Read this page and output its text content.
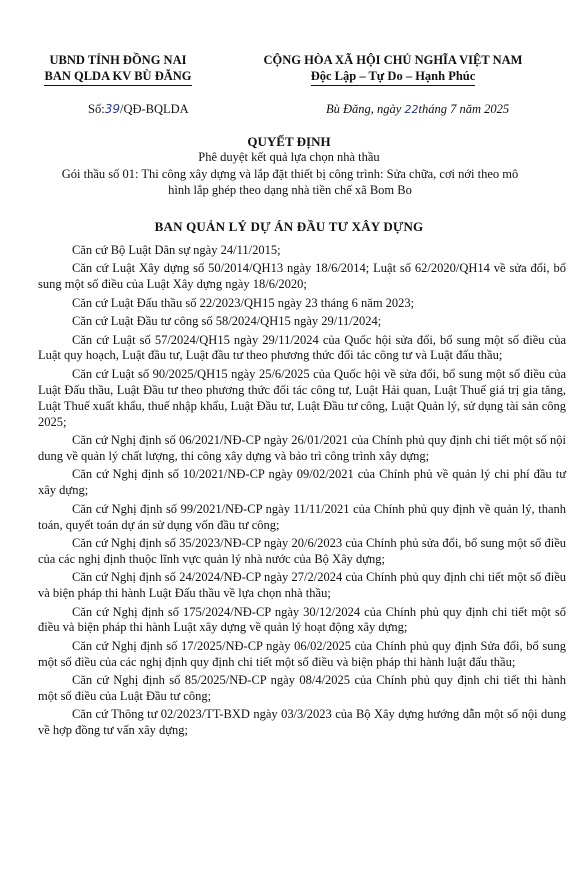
UBND TỈNH ĐỒNG NAI
BAN QLDA KV BÙ ĐĂNG
CỘNG HÒA XÃ HỘI CHỦ NGHĨA VIỆT NAM
Độc Lập – Tự Do – Hạnh Phúc
Số:39/QĐ-BQLDA	Bù Đăng, ngày 22tháng 7 năm 2025
QUYẾT ĐỊNH
Phê duyệt kết quả lựa chọn nhà thầu
Gói thầu số 01: Thi công xây dựng và lắp đặt thiết bị công trình: Sửa chữa, cơi nới theo mô hình lắp ghép theo dạng nhà tiền chế xã Bom Bo
BAN QUẢN LÝ DỰ ÁN ĐẦU TƯ XÂY DỰNG

Căn cứ Bộ Luật Dân sự ngày 24/11/2015;

Căn cứ Luật Xây dựng số 50/2014/QH13 ngày 18/6/2014; Luật số 62/2020/QH14 về sửa đổi, bổ sung một số điều của Luật Xây dựng ngày 18/6/2020;

Căn cứ Luật Đấu thầu số 22/2023/QH15 ngày 23 tháng 6 năm 2023;

Căn cứ Luật Đầu tư công số 58/2024/QH15 ngày 29/11/2024;

Căn cứ Luật số 57/2024/QH15 ngày 29/11/2024 của Quốc hội sửa đổi, bổ sung một số điều của Luật quy hoạch, Luật đầu tư, Luật đầu tư theo phương thức đối tác công tư và Luật đấu thầu;

Căn cứ Luật số 90/2025/QH15 ngày 25/6/2025 của Quốc hội về sửa đổi, bổ sung một số điều của Luật Đấu thầu, Luật Đầu tư theo phương thức đối tác công tư, Luật Hải quan, Luật Thuế giá trị gia tăng, Luật Thuế xuất khẩu, thuế nhập khẩu, Luật Đầu tư, Luật Đầu tư công, Luật Quản lý, sử dụng tài sản công 2025;

Căn cứ Nghị định số 06/2021/NĐ-CP ngày 26/01/2021 của Chính phủ quy định chi tiết một số nội dung về quản lý chất lượng, thi công xây dựng và bảo trì công trình xây dựng;

Căn cứ Nghị định số 10/2021/NĐ-CP ngày 09/02/2021 của Chính phủ về quản lý chi phí đầu tư xây dựng;

Căn cứ Nghị định số 99/2021/NĐ-CP ngày 11/11/2021 của Chính phủ quy định về quản lý, thanh toán, quyết toán dự án sử dụng vốn đầu tư công;

Căn cứ Nghị định số 35/2023/NĐ-CP ngày 20/6/2023 của Chính phủ sửa đổi, bổ sung một số điều của các nghị định thuộc lĩnh vực quản lý nhà nước của Bộ Xây dựng;

Căn cứ Nghị định số 24/2024/NĐ-CP ngày 27/2/2024 của Chính phủ quy định chi tiết một số điều và biện pháp thi hành Luật Đấu thầu về lựa chọn nhà thầu;

Căn cứ Nghị định số 175/2024/NĐ-CP ngày 30/12/2024 của Chính phủ quy định chi tiết một số điều và biện pháp thi hành Luật xây dựng về quản lý hoạt động xây dựng;

Căn cứ Nghị định số 17/2025/NĐ-CP ngày 06/02/2025 của Chính phủ quy định Sửa đổi, bổ sung một số điều của các nghị định quy định chi tiết một số điều và biện pháp thi hành luật đấu thầu;

Căn cứ Nghị định số 85/2025/NĐ-CP ngày 08/4/2025 của Chính phủ quy định chi tiết thi hành một số điều của Luật Đầu tư công;

Căn cứ Thông tư 02/2023/TT-BXD ngày 03/3/2023 của Bộ Xây dựng hướng dẫn một số nội dung về hợp đồng tư vấn xây dựng;
